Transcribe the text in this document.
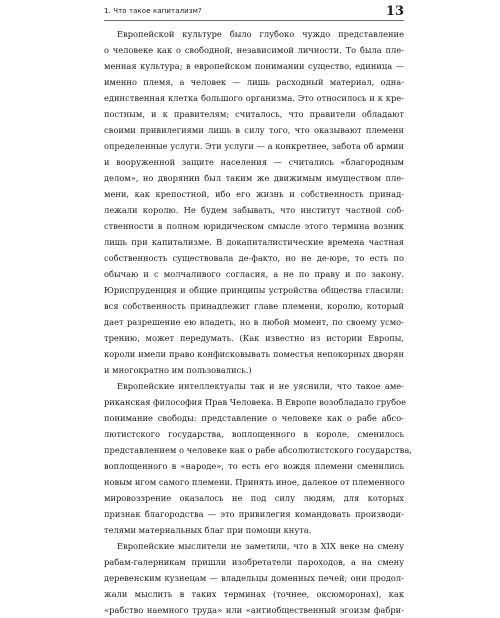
1. Что такое капитализм?	13
Европейской культуре было глубоко чуждо представление
о человеке как о свободной, независимой личности. То была пле-
менная культура; в европейском понимании существо, единица —
именно племя, а человек — лишь расходный материал, одна-
единственная клетка большого организма. Это относилось и к кре-
постным, и к правителям; считалось, что правители обладают
своими привилегиями лишь в силу того, что оказывают племени
определенные услуги. Эти услуги — а конкретнее, забота об армии
и вооруженной защите населения — считались «благородным
делом», но дворянин был таким же движимым имуществом пле-
мени, как крепостной, ибо его жизнь и собственность принад-
лежали королю. Не будем забывать, что институт частной соб-
ственности в полном юридическом смысле этого термина возник
лишь при капитализме. В докапиталистические времена частная
собственность существовала де-факто, но не де-юре, то есть по
обычаю и с молчаливого согласия, а не по праву и по закону.
Юриспруденция и общие принципы устройства общества гласили:
вся собственность принадлежит главе племени, королю, который
дает разрешение ею владеть, но в любой момент, по своему усмо-
трению, может передумать. (Как известно из истории Европы,
короли имели право конфисковывать поместья непокорных дворян
и многократно им пользовались.)
Европейские интеллектуалы так и не уяснили, что такое аме-
риканская философия Прав Человека. В Европе возобладало грубое
понимание свободы: представление о человеке как о рабе абсо-
лютистского государства, воплощенного в короле, сменилось
представлением о человеке как о рабе абсолютистского государства,
воплощенного в «народе», то есть его вождя племени сменились
новым игом самого племени. Принять иное, далекое от племенного
мировоззрение оказалось не под силу людям, для которых
признак благородства — это привилегия командовать производи-
телями материальных благ при помощи кнута.
Европейские мыслители не заметили, что в XIX веке на смену
рабам-галерникам пришли изобретатели пароходов, а на смену
деревенским кузнецам — владельцы доменных печей; они продол-
жали мыслить в таких терминах (точнее, оксюморонах), как
«рабство наемного труда» или «антиобщественный эгоизм фабри-
